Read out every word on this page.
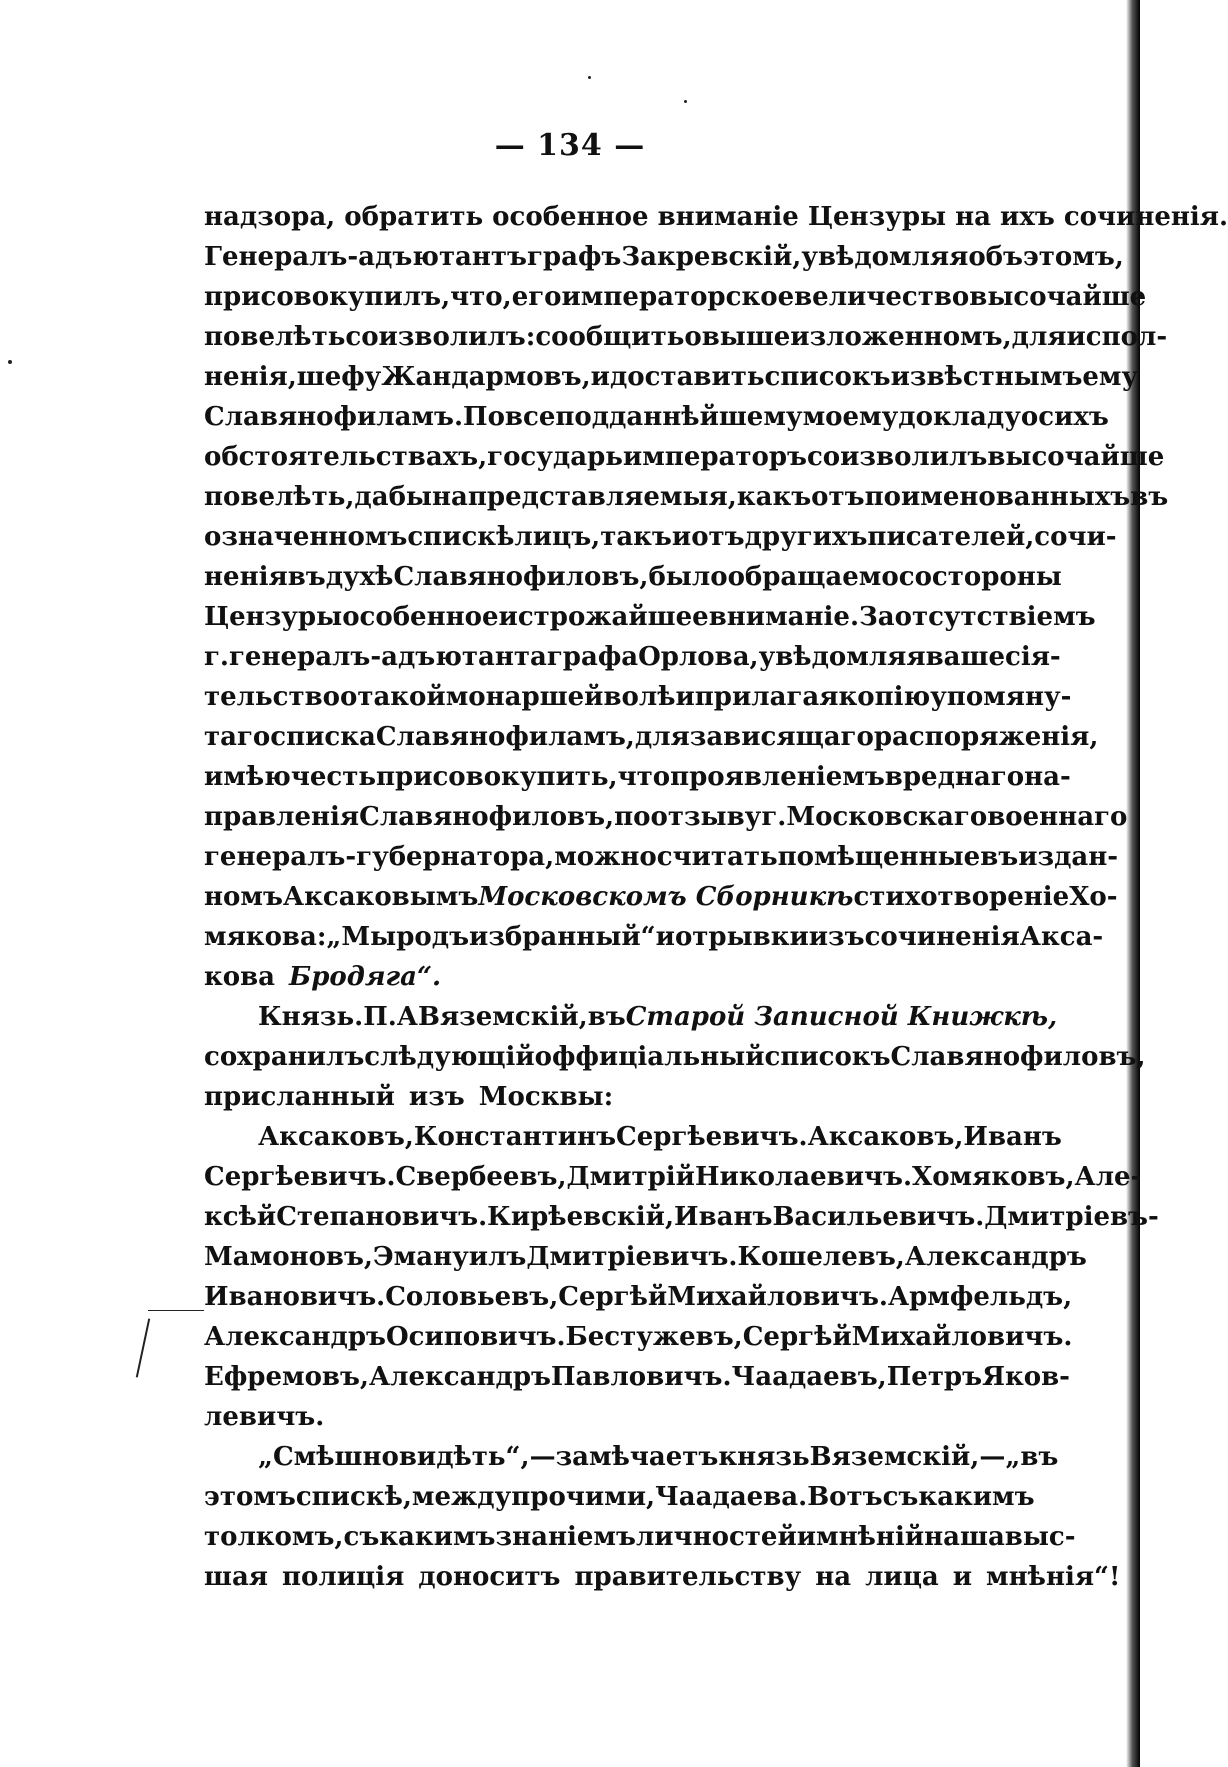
— 134 —
надзора, обратить особенное вниманіе Цензуры на ихъ сочиненія.
Генералъ-адъютантъ графъ Закревскій, увѣдомляя объ этомъ,
присовокупилъ, что, его императорское величество высочайше
повелѣть соизволилъ: сообщить о вышеизложенномъ, для испол-
ненія, шефу Жандармовъ, и доставить списокъ извѣстнымъ ему
Славянофиламъ. По всеподданнѣйшему моему докладу о сихъ
обстоятельствахъ, государь императоръ соизволилъ высочайше
повелѣть, дабы на представляемыя, какъ отъ поименованныхъ въ
означенномъ спискѣ лицъ, такъ и отъ другихъ писателей, сочи-
ненія въ духѣ Славянофиловъ, было обращаемо со стороны
Цензуры особенное и строжайшее вниманіе. За отсутствіемъ
г. генералъ-адъютанта графа Орлова, увѣдомляя ваше сія-
тельство о такой монаршей волѣ и прилагая копію упомяну-
таго списка Славянофиламъ, для зависящаго распоряженія,
имѣю честь присовокупить, что проявленіемъ вреднаго на-
правленія Славянофиловъ, по отзыву г. Московскаго военнаго
генералъ-губернатора, можно считать помѣщенные въ издан-
номъ Аксаковымъ Московскомъ Сборникѣ стихотвореніе Хо-
мякова: „Мы родъ избранный“ и отрывки изъ сочиненія Акса-
кова Бродяга“.
Князь. П. А Вяземскій, въ Старой Записной Книжкѣ,
сохранилъ слѣдующій оффиціальный списокъ Славянофиловъ,
присланный изъ Москвы:
Аксаковъ, Константинъ Сергѣевичъ. Аксаковъ, Иванъ
Сергѣевичъ. Свербеевъ, Дмитрій Николаевичъ. Хомяковъ, Але-
ксѣй Степановичъ. Кирѣевскій, Иванъ Васильевичъ. Дмитріевъ-
Мамоновъ, Эмануилъ Дмитріевичъ. Кошелевъ, Александръ
Ивановичъ. Соловьевъ, Сергѣй Михайловичъ. Армфельдъ,
Александръ Осиповичъ. Бестужевъ, Сергѣй Михайловичъ.
Ефремовъ, Александръ Павловичъ. Чаадаевъ, Петръ Яков-
левичъ.
„Смѣшно видѣть“, — замѣчаетъ князь Вяземскій, — „въ
этомъ спискѣ, между прочими, Чаадаева. Вотъ съ какимъ
толкомъ, съ какимъ знаніемъ личностей и мнѣній наша выс-
шая полиція доноситъ правительству на лица и мнѣнія“!
